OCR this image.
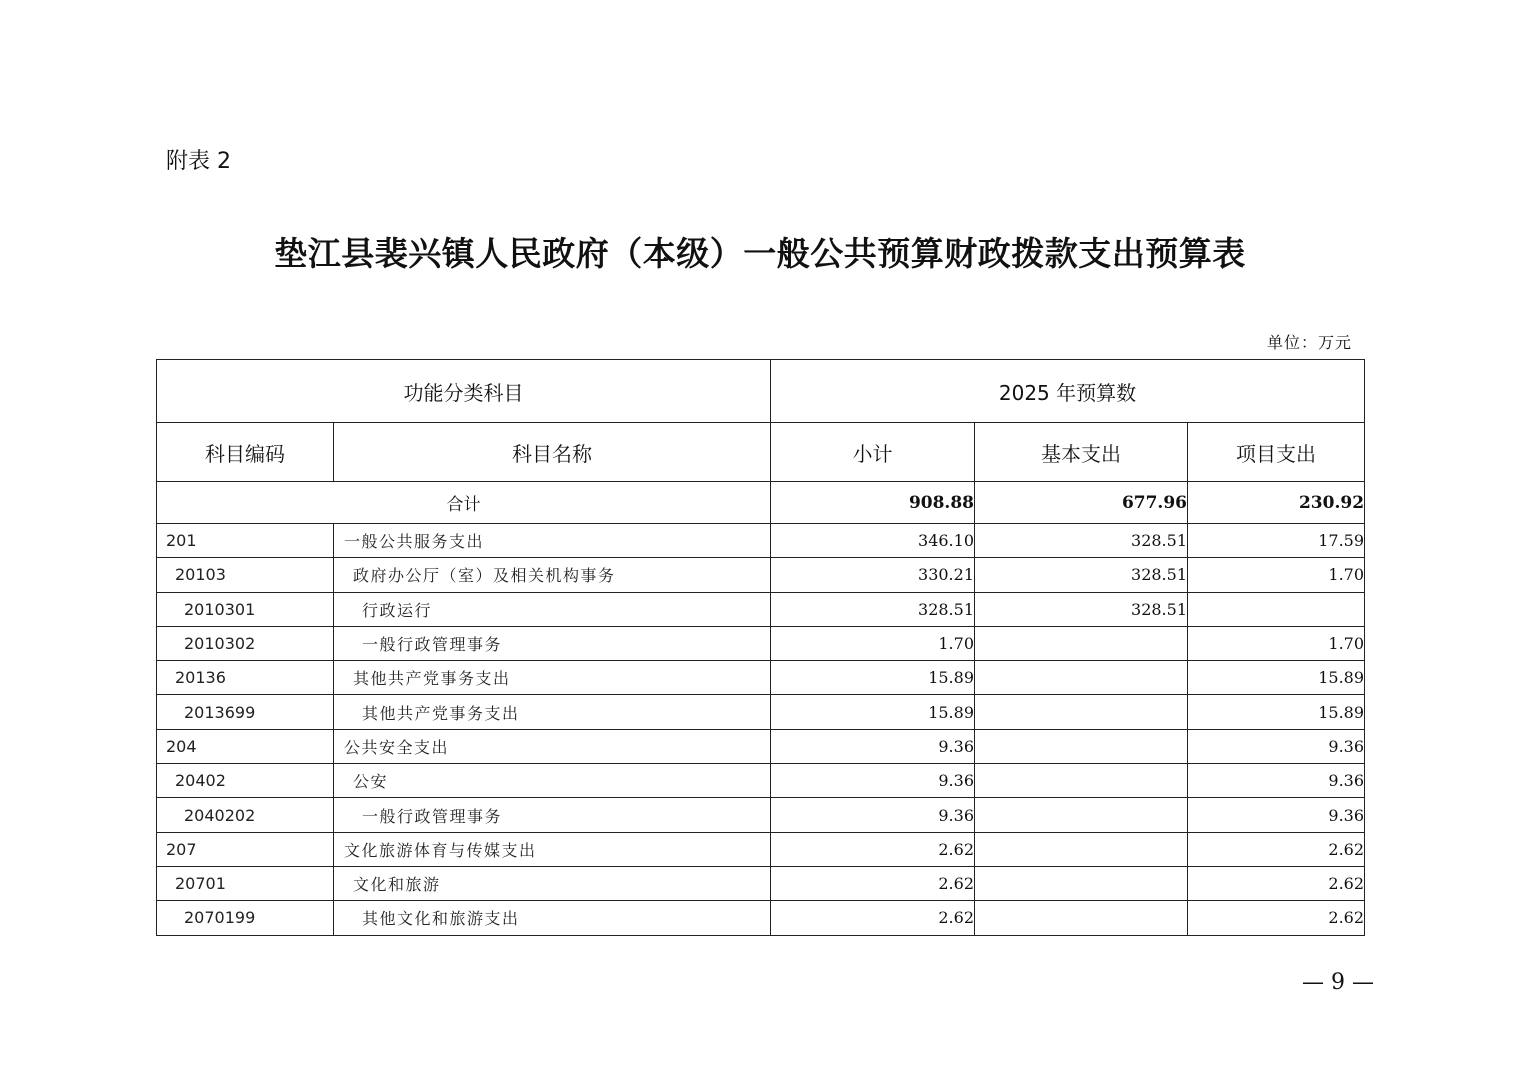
附表 2
垫江县裴兴镇人民政府（本级）一般公共预算财政拨款支出预算表
单位：万元
功能分类科目		2025 年预算数		
科目编码	科目名称	小计	基本支出	项目支出
合计		908.88	677.96	230.92
201	一般公共服务支出	346.10	328.51	17.59
20103	政府办公厅（室）及相关机构事务	330.21	328.51	1.70
2010301	行政运行	328.51	328.51	
2010302	一般行政管理事务	1.70		1.70
20136	其他共产党事务支出	15.89		15.89
2013699	其他共产党事务支出	15.89		15.89
204	公共安全支出	9.36		9.36
20402	公安	9.36		9.36
2040202	一般行政管理事务	9.36		9.36
207	文化旅游体育与传媒支出	2.62		2.62
20701	文化和旅游	2.62		2.62
2070199	其他文化和旅游支出	2.62		2.62
— 9 —
